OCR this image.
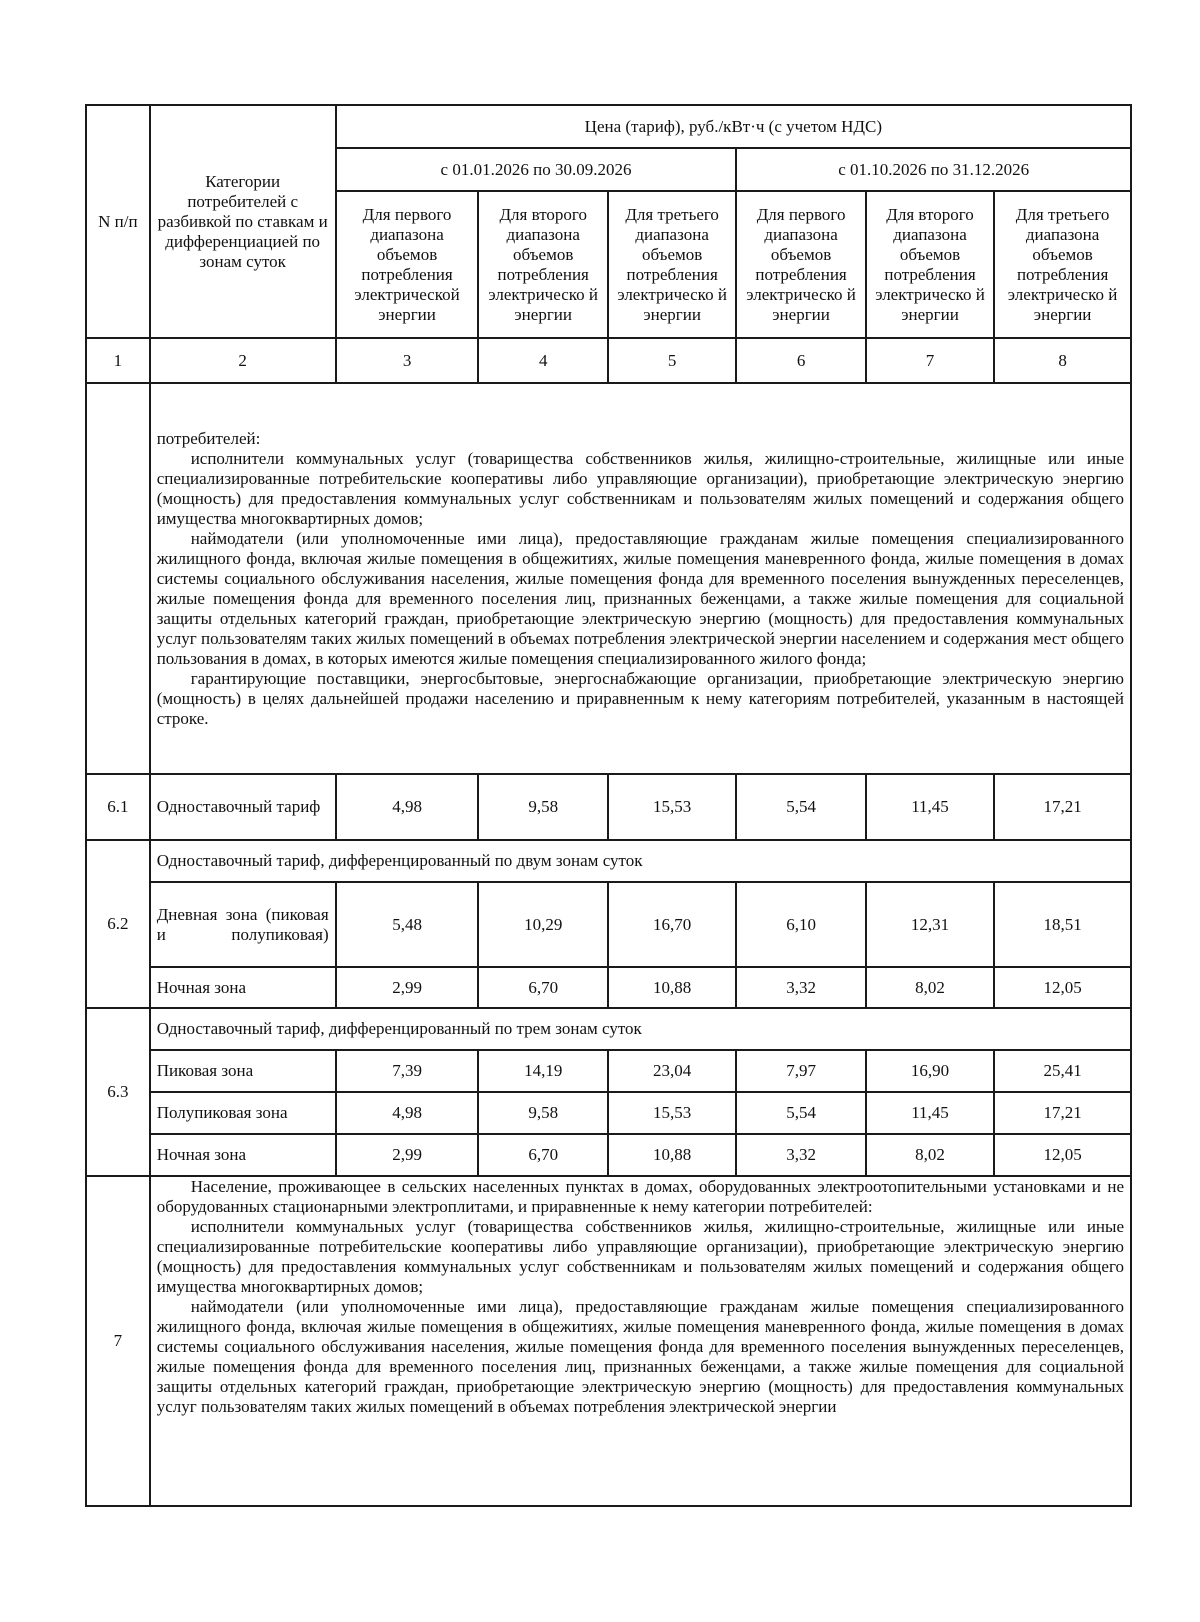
N п/п	Категории потребителей с разбивкой по ставкам и дифференциацией по зонам суток	Цена (тариф), руб./кВт·ч (с учетом НДС)					
		с 01.01.2026 по 30.09.2026			с 01.10.2026 по 31.12.2026		
		Для первого диапазона объемов потребления электрической энергии	Для второго диапазона объемов потребления электрическо й энергии	Для третьего диапазона объемов потребления электрическо й энергии	Для первого диапазона объемов потребления электрическо й энергии	Для второго диапазона объемов потребления электрическо й энергии	Для третьего диапазона объемов потребления электрическо й энергии
1	2	3	4	5	6	7	8

	потребителей:

исполнители коммунальных услуг (товарищества собственников жилья, жилищно-строительные, жилищные или иные специализированные потребительские кооперативы либо управляющие организации), приобретающие электрическую энергию (мощность) для предоставления коммунальных услуг собственникам и пользователям жилых помещений и содержания общего имущества многоквартирных домов;

наймодатели (или уполномоченные ими лица), предоставляющие гражданам жилые помещения специализированного жилищного фонда, включая жилые помещения в общежитиях, жилые помещения маневренного фонда, жилые помещения в домах системы социального обслуживания населения, жилые помещения фонда для временного поселения вынужденных переселенцев, жилые помещения фонда для временного поселения лиц, признанных беженцами, а также жилые помещения для социальной защиты отдельных категорий граждан, приобретающие электрическую энергию (мощность) для предоставления коммунальных услуг пользователям таких жилых помещений в объемах потребления электрической энергии населением и содержания мест общего пользования в домах, в которых имеются жилые помещения специализированного жилого фонда;

гарантирующие поставщики, энергосбытовые, энергоснабжающие организации, приобретающие электрическую энергию (мощность) в целях дальнейшей продажи населению и приравненным к нему категориям потребителей, указанным в настоящей строке.						

6.1	Одноставочный тариф	4,98	9,58	15,53	5,54	11,45	17,21
6.2	Одноставочный тариф, дифференцированный по двум зонам суток						
	Дневная зона (пиковая и полупиковая)	5,48	10,29	16,70	6,10	12,31	18,51
	Ночная зона	2,99	6,70	10,88	3,32	8,02	12,05
6.3	Одноставочный тариф, дифференцированный по трем зонам суток						
	Пиковая зона	7,39	14,19	23,04	7,97	16,90	25,41
	Полупиковая зона	4,98	9,58	15,53	5,54	11,45	17,21
	Ночная зона	2,99	6,70	10,88	3,32	8,02	12,05
7	Население, проживающее в сельских населенных пунктах в домах, оборудованных электроотопительными установками и не оборудованных стационарными электроплитами, и приравненные к нему категории потребителей:

исполнители коммунальных услуг (товарищества собственников жилья, жилищно-строительные, жилищные или иные специализированные потребительские кооперативы либо управляющие организации), приобретающие электрическую энергию (мощность) для предоставления коммунальных услуг собственникам и пользователям жилых помещений и содержания общего имущества многоквартирных домов;

наймодатели (или уполномоченные ими лица), предоставляющие гражданам жилые помещения специализированного жилищного фонда, включая жилые помещения в общежитиях, жилые помещения маневренного фонда, жилые помещения в домах системы социального обслуживания населения, жилые помещения фонда для временного поселения вынужденных переселенцев, жилые помещения фонда для временного поселения лиц, признанных беженцами, а также жилые помещения для социальной защиты отдельных категорий граждан, приобретающие электрическую энергию (мощность) для предоставления коммунальных услуг пользователям таких жилых помещений в объемах потребления электрической энергии						
